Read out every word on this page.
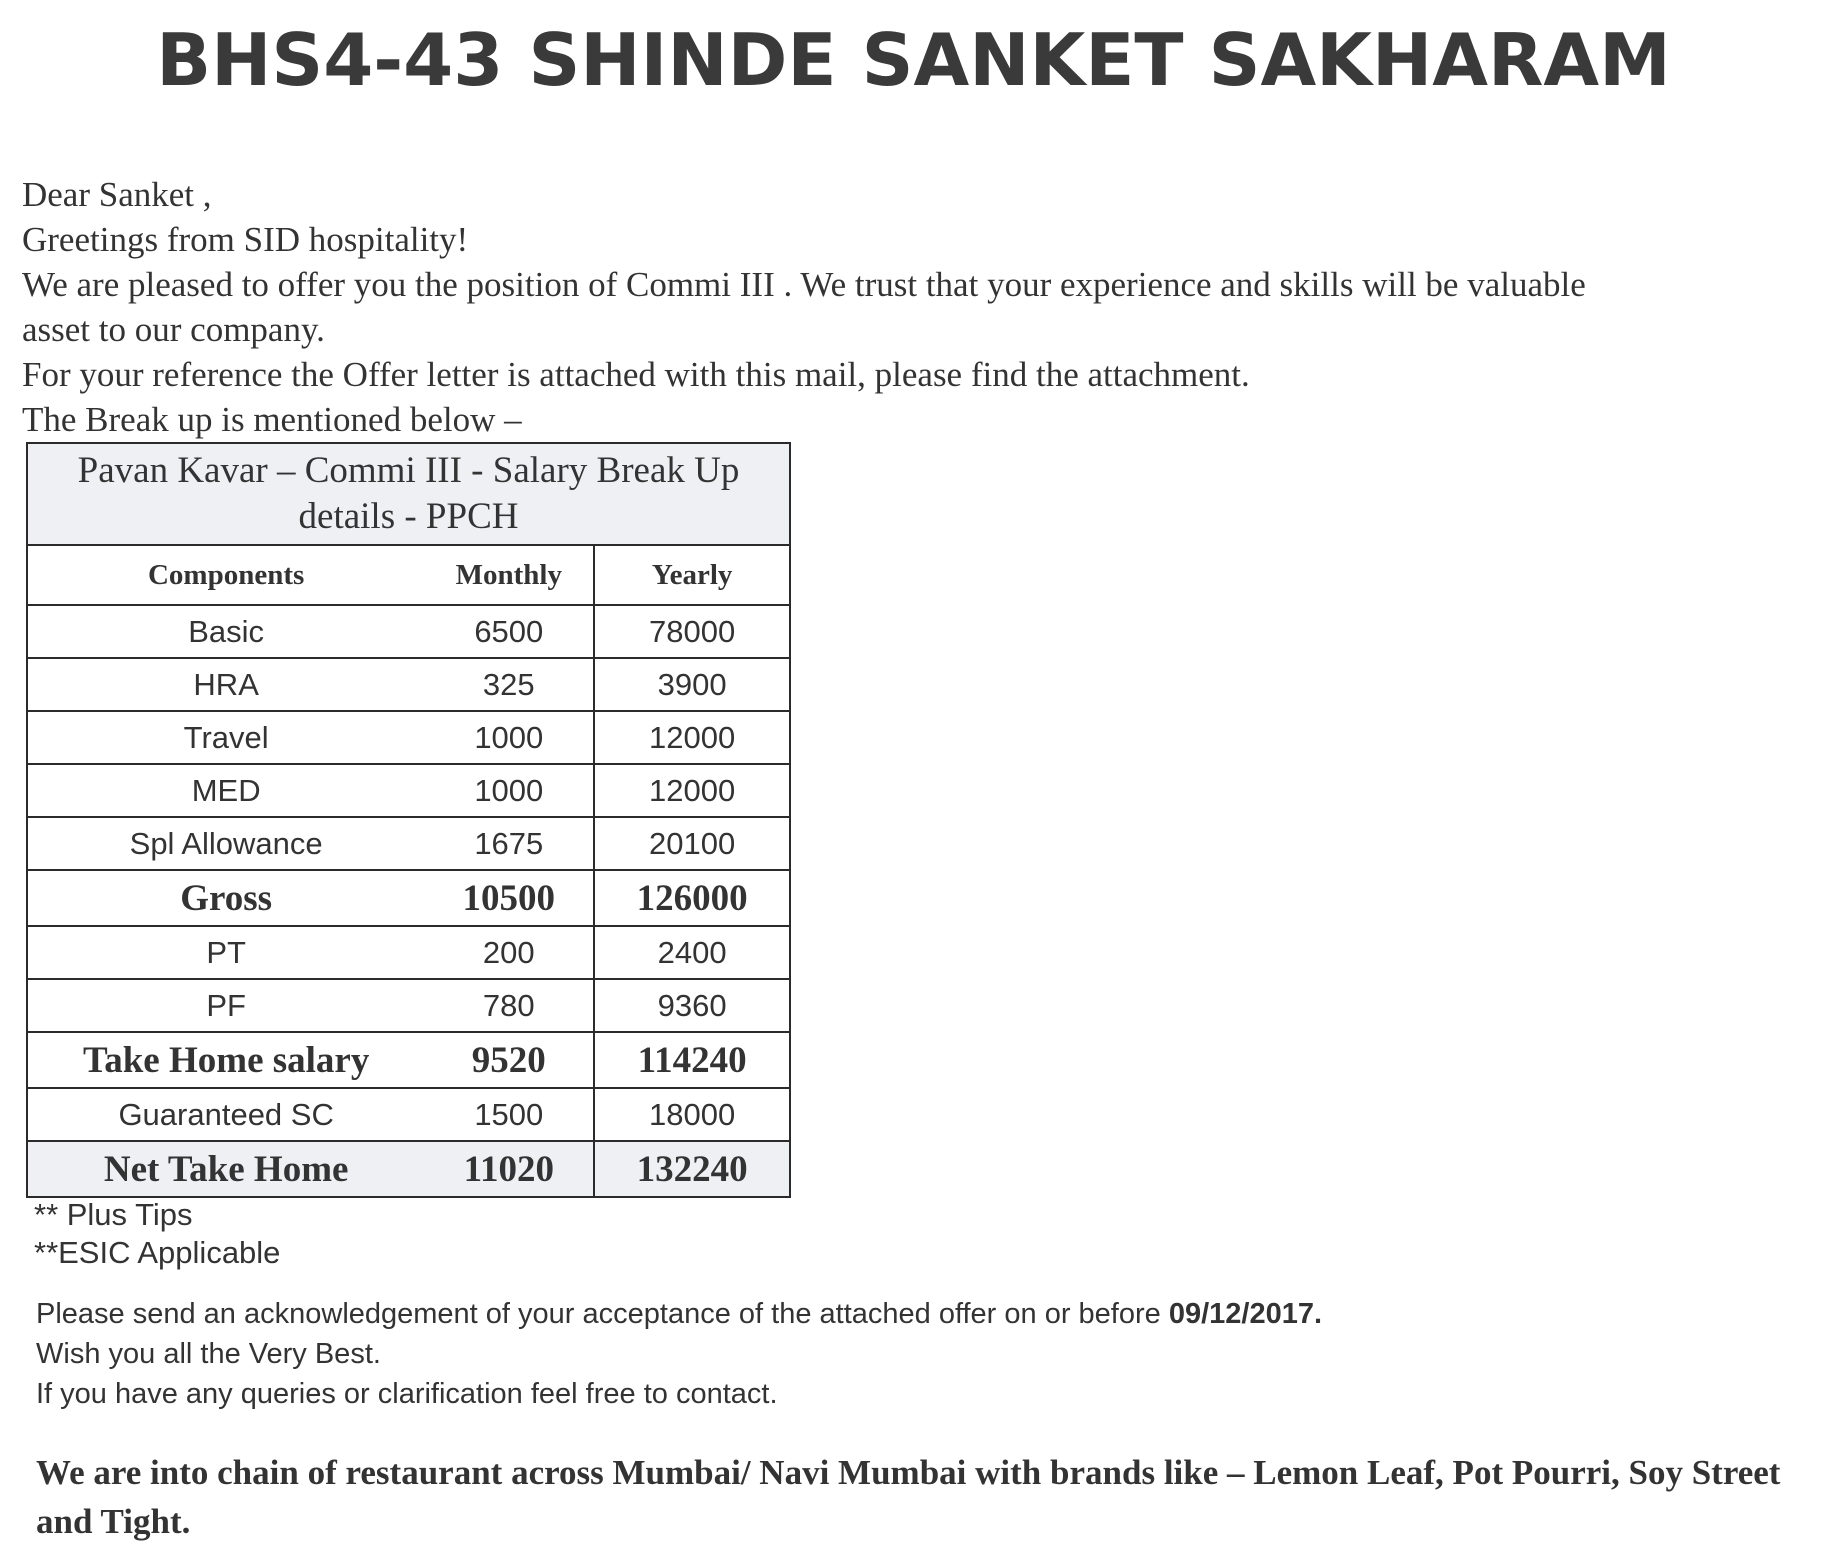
BHS4-43 SHINDE SANKET SAKHARAM
Dear Sanket ,
Greetings from SID hospitality!
We are pleased to offer you the position of Commi III . We trust that your experience and skills will be valuable
asset to our company.
For your reference the Offer letter is attached with this mail, please find the attachment.
The Break up is mentioned below –
Pavan Kavar – Commi III - Salary Break Up details - PPCH		
Components	Monthly	Yearly
Basic	6500	78000
HRA	325	3900
Travel	1000	12000
MED	1000	12000
Spl Allowance	1675	20100
Gross	10500	126000
PT	200	2400
PF	780	9360
Take Home salary	9520	114240
Guaranteed SC	1500	18000
Net Take Home	11020	132240
** Plus Tips
**ESIC Applicable
Please send an acknowledgement of your acceptance of the attached offer on or before 09/12/2017.
Wish you all the Very Best.
If you have any queries or clarification feel free to contact.
We are into chain of restaurant across Mumbai/ Navi Mumbai with brands like – Lemon Leaf, Pot Pourri, Soy Street and Tight.
